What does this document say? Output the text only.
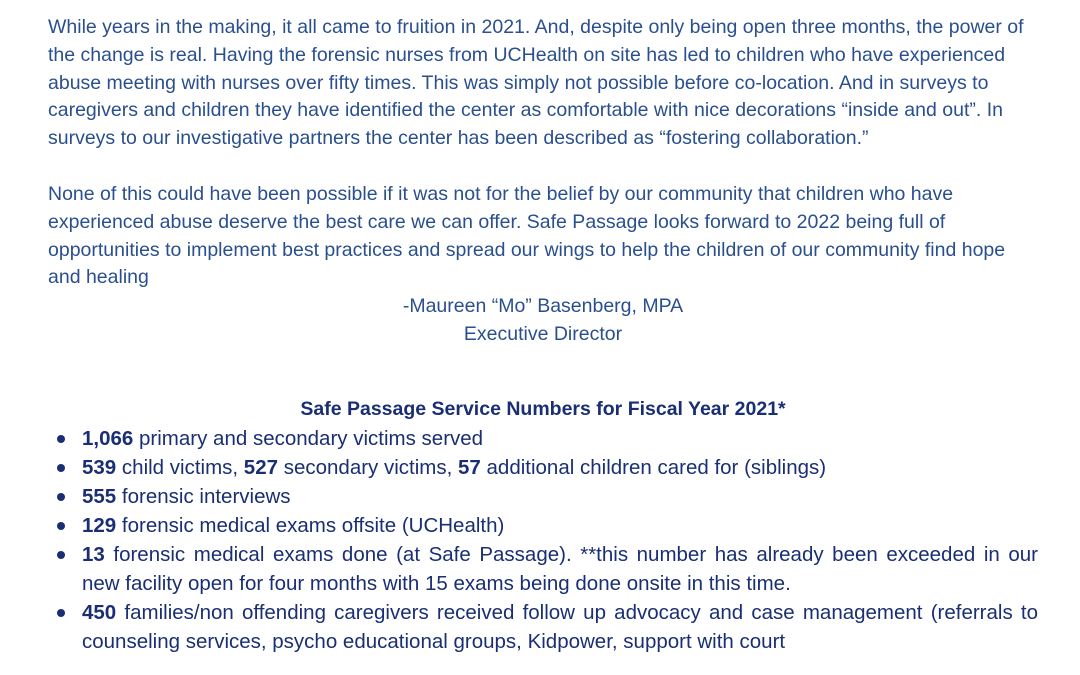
While years in the making, it all came to fruition in 2021. And, despite only being open three months, the power of the change is real. Having the forensic nurses from UCHealth on site has led to children who have experienced abuse meeting with nurses over fifty times. This was simply not possible before co-location. And in surveys to caregivers and children they have identified the center as comfortable with nice decorations “inside and out”. In surveys to our investigative partners the center has been described as “fostering collaboration.”

None of this could have been possible if it was not for the belief by our community that children who have experienced abuse deserve the best care we can offer. Safe Passage looks forward to 2022 being full of opportunities to implement best practices and spread our wings to help the children of our community find hope and healing

-Maureen “Mo” Basenberg, MPA
Executive Director
Safe Passage Service Numbers for Fiscal Year 2021*
1,066 primary and secondary victims served
539 child victims, 527 secondary victims, 57 additional children cared for (siblings)
555 forensic interviews
129 forensic medical exams offsite (UCHealth)
13 forensic medical exams done (at Safe Passage). **this number has already been exceeded in our new facility open for four months with 15 exams being done onsite in this time.
450 families/non offending caregivers received follow up advocacy and case management (referrals to counseling services, psycho educational groups, Kidpower, support with court
